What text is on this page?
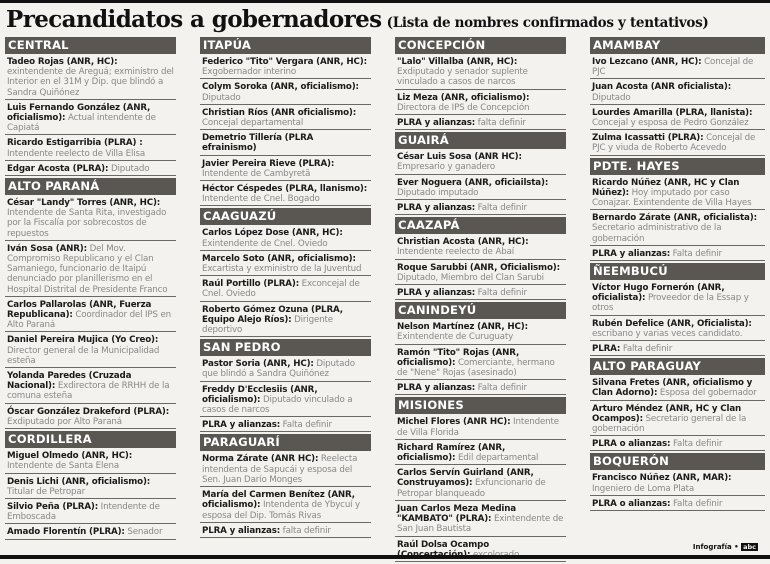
Precandidatos a gobernadores (Lista de nombres confirmados y tentativos)
CENTRAL
Tadeo Rojas (ANR, HC): exintendente de Areguá; exministro del Interior en el 31M y Dip. que blindó a Sandra Quiñónez
Luis Fernando González (ANR, oficialismo): Actual intendente de Capiatá
Ricardo Estigarribia (PLRA) : Intendente reelecto de Villa Elisa
Edgar Acosta (PLRA): Diputado
ALTO PARANÁ
César "Landy" Torres (ANR, HC): Intendente de Santa Rita, investigado por la Fiscalía por sobrecostos de repuestos
Iván Sosa (ANR): Del Mov. Compromiso Republicano y el Clan Samaniego, funcionario de Itaipú denunciado por planillerismo en el Hospital Distrital de Presidente Franco
Carlos Pallarolas (ANR, Fuerza Republicana): Coordinador del IPS en Alto Paraná
Daniel Pereira Mujica (Yo Creo): Director general de la Municipalidad esteña
Yolanda Paredes (Cruzada Nacional): Exdirectora de RRHH de la comuna esteña
Óscar González Drakeford (PLRA): Exdiputado por Alto Paraná
CORDILLERA
Miguel Olmedo (ANR, HC): Intendente de Santa Elena
Denis Lichi (ANR, oficialismo): Titular de Petropar
Silvio Peña (PLRA): Intendente de Emboscada
Amado Florentín (PLRA): Senador
ITAPÚA
Federico "Tito" Vergara (ANR, HC): Exgobernador interino
Colym Soroka (ANR, oficialismo): Diputado
Christian Ríos (ANR oficialismo): Concejal departamental
Demetrio Tillería (PLRA efrainismo)
Javier Pereira Rieve (PLRA): Intendente de Cambyretã
Héctor Céspedes (PLRA, llanismo): Intendente de Cnel. Bogado
CAAGUAZÚ
Carlos López Dose (ANR, HC): Exintendente de Cnel. Oviedo
Marcelo Soto (ANR, oficialismo): Excartista y exministro de la Juventud
Raúl Portillo (PLRA): Exconcejal de Cnel. Oviedo
Roberto Gómez Ozuna (PLRA, Equipo Alejo Ríos): Dirigente deportivo
SAN PEDRO
Pastor Soria (ANR, HC): Diputado que blindó a Sandra Quiñónez
Freddy D'Ecclesiis (ANR, oficialismo): Diputado vinculado a casos de narcos
PLRA y alianzas: Falta definir
PARAGUARÍ
Norma Zárate (ANR HC): Reelecta intendenta de Sapucái y esposa del Sen. Juan Darío Monges
María del Carmen Benítez (ANR, oficialismo): Intendenta de Ybycuí y esposa del Dip. Tomás Rivas
PLRA y alianzas: falta definir
CONCEPCIÓN
"Lalo" Villalba (ANR, HC): Exdiputado y senador suplente vinculado a casos de narcos
Liz Meza (ANR, oficialismo): Directora de IPS de Concepción
PLRA y alianzas: falta definir
GUAIRÁ
César Luis Sosa (ANR HC): Empresario y ganadero
Ever Noguera (ANR, oficiailsta): Diputado imputado
PLRA y alianzas: Falta definir
CAAZAPÁ
Christian Acosta (ANR, HC): Intendente reelecto de Abaí
Roque Sarubbi (ANR, Oficialismo): Diputado, Miembro del Clan Sarubi
PLRA y alianzas: Falta definir
CANINDEYÚ
Nelson Martínez (ANR, HC): Exintendente de Curuguaty
Ramón "Tito" Rojas (ANR, oficialismo): Comerciante, hermano de "Nene" Rojas (asesinado)
PLRA y alianzas: Falta definir
MISIONES
Michel Flores (ANR HC): Intendente de Villa Florida
Richard Ramírez (ANR, oficialismo): Edil departamental
Carlos Servín Guirland (ANR, Construyamos): Exfuncionario de Petropar blanqueado
Juan Carlos Meza Medina "KAMBATO" (PLRA): Exintendente de San Juan Bautista
Raúl Dolsa Ocampo
AMAMBAY
Ivo Lezcano (ANR, HC): Concejal de PJC
Juan Acosta (ANR oficialista): Diputado
Lourdes Amarilla (PLRA, llanista): Concejal y esposa de Pedro González
Zulma Icassatti (PLRA): Concejal de PJC y viuda de Roberto Acevedo
PDTE. HAYES
Ricardo Núñez (ANR, HC y Clan Núñez): Hoy imputado por caso Conajzar. Exintendente de Villa Hayes
Bernardo Zárate (ANR, oficialista): Secretario administrativo de la gobernación
PLRA y alianzas: Falta definir
ÑEEMBUCÚ
Víctor Hugo Fornerón (ANR, oficialista): Proveedor de la Essap y otros
Rubén Defelice (ANR, Oficialista): escribano y varias veces candidato.
PLRA: Falta definir
ALTO PARAGUAY
Silvana Fretes (ANR, oficialismo y Clan Adorno): Esposa del gobernador
Arturo Méndez (ANR, HC y Clan Ocampos): Secretario general de la gobernación
PLRA o alianzas: Falta definir
BOQUERÓN
Francisco Núñez (ANR, MAR): Ingeniero de Loma Plata
PLRA o alianzas: Falta definir
Infografía • abc
